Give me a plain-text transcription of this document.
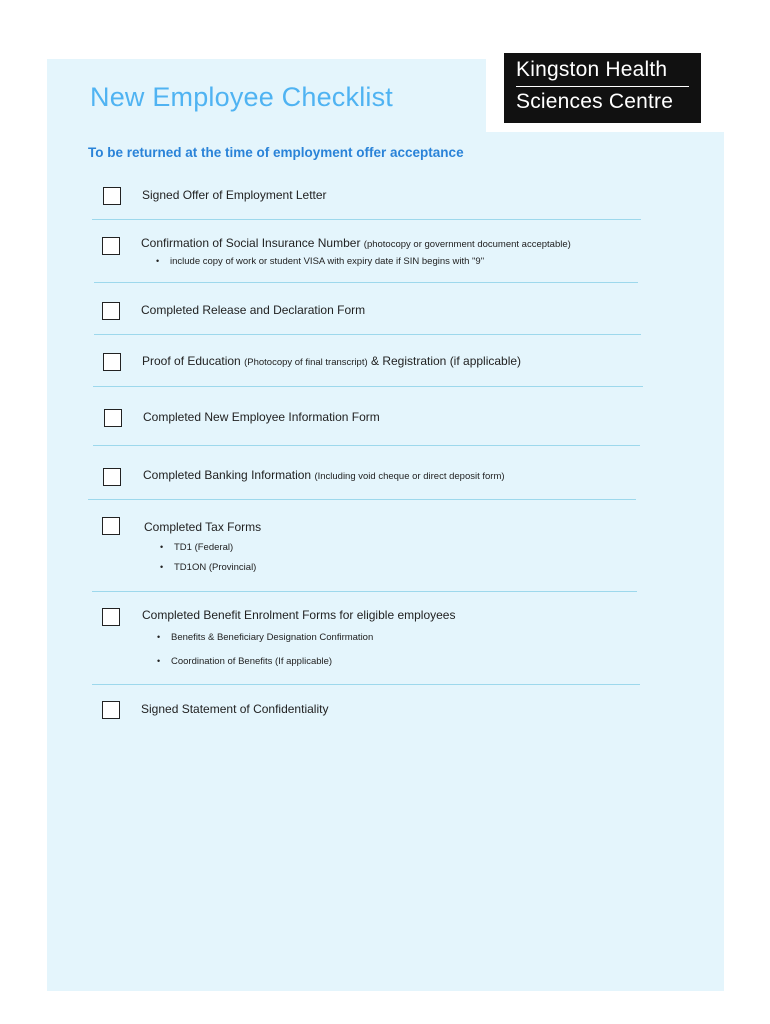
Kingston Health
Sciences Centre
New Employee Checklist
To be returned at the time of employment offer acceptance
Signed Offer of Employment Letter
Confirmation of Social Insurance Number (photocopy or government document acceptable)
• include copy of work or student VISA with expiry date if SIN begins with "9"
Completed Release and Declaration Form
Proof of Education (Photocopy of final transcript) & Registration (if applicable)
Completed New Employee Information Form
Completed Banking Information (Including void cheque or direct deposit form)
Completed Tax Forms
• TD1 (Federal)
• TD1ON (Provincial)
Completed Benefit Enrolment Forms for eligible employees
• Benefits & Beneficiary Designation Confirmation
• Coordination of Benefits (If applicable)
Signed Statement of Confidentiality
